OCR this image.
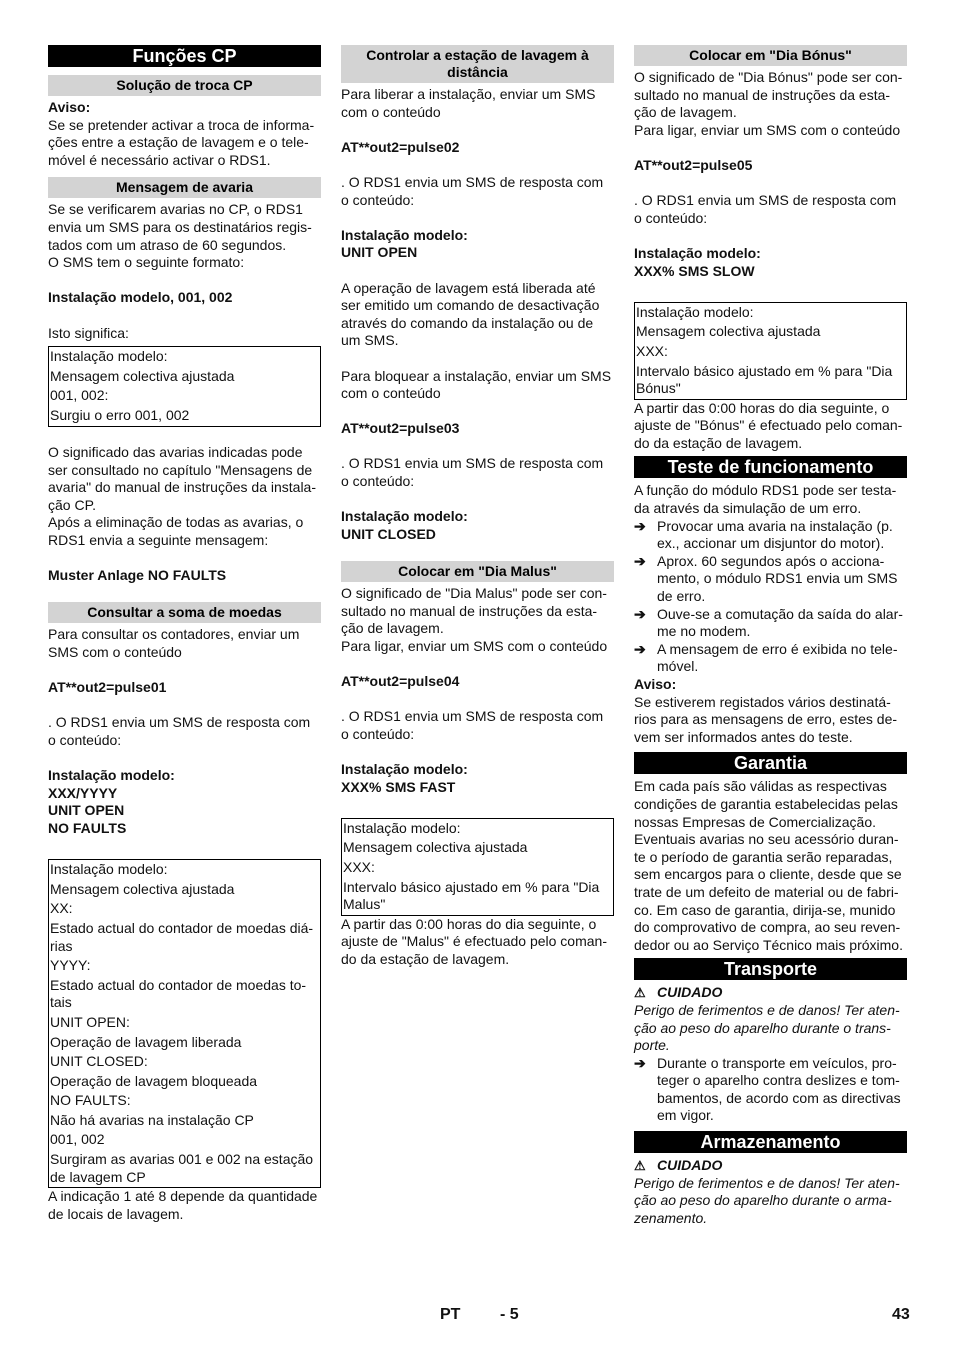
Funções CP
Solução de troca CP

Aviso:

Se se pretender activar a troca de informa-ções entre a estação de lavagem e o tele-móvel é necessário activar o RDS1.

Mensagem de avaria

Se se verificarem avarias no CP, o RDS1 envia um SMS para os destinatários regis-tados com um atraso de 60 segundos.

O SMS tem o seguinte formato:

Instalação modelo, 001, 002

Isto significa:

Instalação modelo:
Mensagem colectiva ajustada
001, 002:
Surgiu o erro 001, 002

O significado das avarias indicadas pode ser consultado no capítulo "Mensagens de avaria" do manual de instruções da instala-ção CP.

Após a eliminação de todas as avarias, o RDS1 envia a seguinte mensagem:

Muster Anlage NO FAULTS

Consultar a soma de moedas

Para consultar os contadores, enviar um SMS com o conteúdo

AT**out2=pulse01

. O RDS1 envia um SMS de resposta com o conteúdo:

Instalação modelo:

XXX/YYYY

UNIT OPEN

NO FAULTS

Instalação modelo:
Mensagem colectiva ajustada
XX:
Estado actual do contador de moedas diá-rias
YYYY:
Estado actual do contador de moedas to-tais
UNIT OPEN:
Operação de lavagem liberada
UNIT CLOSED:
Operação de lavagem bloqueada
NO FAULTS:
Não há avarias na instalação CP
001, 002
Surgiram as avarias 001 e 002 na estação de lavagem CP

A indicação 1 até 8 depende da quantidade de locais de lavagem.

Controlar a estação de lavagem à distância

Para liberar a instalação, enviar um SMS com o conteúdo

AT**out2=pulse02

. O RDS1 envia um SMS de resposta com o conteúdo:

Instalação modelo:

UNIT OPEN

A operação de lavagem está liberada até ser emitido um comando de desactivação através do comando da instalação ou de um SMS.

Para bloquear a instalação, enviar um SMS com o conteúdo

AT**out2=pulse03

. O RDS1 envia um SMS de resposta com o conteúdo:

Instalação modelo:

UNIT CLOSED

Colocar em "Dia Malus"

O significado de "Dia Malus" pode ser con-sultado no manual de instruções da esta-ção de lavagem.

Para ligar, enviar um SMS com o conteúdo

AT**out2=pulse04

. O RDS1 envia um SMS de resposta com o conteúdo:

Instalação modelo:

XXX% SMS FAST

Instalação modelo:
Mensagem colectiva ajustada
XXX:
Intervalo básico ajustado em % para "Dia Malus"

A partir das 0:00 horas do dia seguinte, o ajuste de "Malus" é efectuado pelo coman-do da estação de lavagem.

Colocar em "Dia Bónus"

O significado de "Dia Bónus" pode ser con-sultado no manual de instruções da esta-ção de lavagem.

Para ligar, enviar um SMS com o conteúdo

AT**out2=pulse05

. O RDS1 envia um SMS de resposta com o conteúdo:

Instalação modelo:

XXX% SMS SLOW

Instalação modelo:
Mensagem colectiva ajustada
XXX:
Intervalo básico ajustado em % para "Dia Bónus"

A partir das 0:00 horas do dia seguinte, o ajuste de "Bónus" é efectuado pelo coman-do da estação de lavagem.

Teste de funcionamento

A função do módulo RDS1 pode ser testa-da através da simulação de um erro.

➔ Provocar uma avaria na instalação (p. ex., accionar um disjuntor do motor).
➔ Aprox. 60 segundos após o acciona-mento, o módulo RDS1 envia um SMS de erro.
➔ Ouve-se a comutação da saída do alar-me no modem.
➔ A mensagem de erro é exibida no tele-móvel.

Aviso:

Se estiverem registados vários destinatá-rios para as mensagens de erro, estes de-vem ser informados antes do teste.

Garantia

Em cada país são válidas as respectivas condições de garantia estabelecidas pelas nossas Empresas de Comercialização. Eventuais avarias no seu acessório duran-te o período de garantia serão reparadas, sem encargos para o cliente, desde que se trate de um defeito de material ou de fabri-co. Em caso de garantia, dirija-se, munido do comprovativo de compra, ao seu reven-dedor ou ao Serviço Técnico mais próximo.

Transporte
⚠ CUIDADO

Perigo de ferimentos e de danos! Ter aten-ção ao peso do aparelho durante o trans-porte.

➔ Durante o transporte em veículos, pro-teger o aparelho contra deslizes e tom-bamentos, de acordo com as directivas em vigor.
Armazenamento
⚠ CUIDADO

Perigo de ferimentos e de danos! Ter aten-ção ao peso do aparelho durante o arma-zenamento.

PT - 5	43
